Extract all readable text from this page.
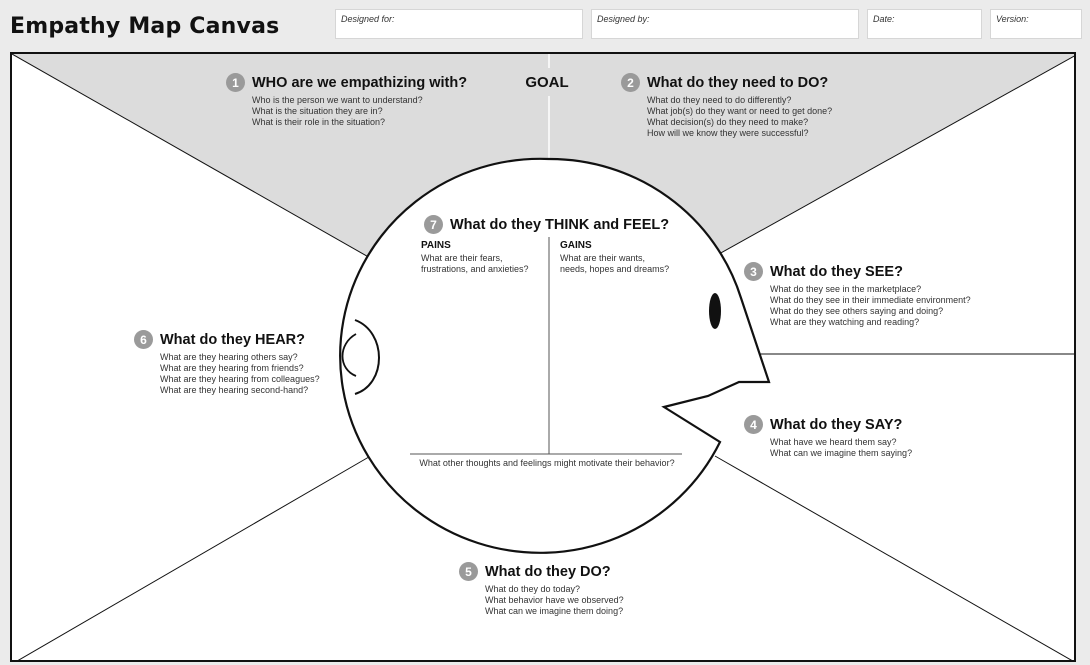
Empathy Map Canvas	Designed for:	Designed by:	Date:	Version:
GOAL
1 WHO are we empathizing with?
Who is the person we want to understand?
What is the situation they are in?
What is their role in the situation?
2 What do they need to DO?
What do they need to do differently?
What job(s) do they want or need to get done?
What decision(s) do they need to make?
How will we know they were successful?
3 What do they SEE?
What do they see in the marketplace?
What do they see in their immediate environment?
What do they see others saying and doing?
What are they watching and reading?
4 What do they SAY?
What have we heard them say?
What can we imagine them saying?
5 What do they DO?
What do they do today?
What behavior have we observed?
What can we imagine them doing?
6 What do they HEAR?
What are they hearing others say?
What are they hearing from friends?
What are they hearing from colleagues?
What are they hearing second-hand?
7 What do they THINK and FEEL?
PAINS
What are their fears,
frustrations, and anxieties?
GAINS
What are their wants,
needs, hopes and dreams?
What other thoughts and feelings might motivate their behavior?
